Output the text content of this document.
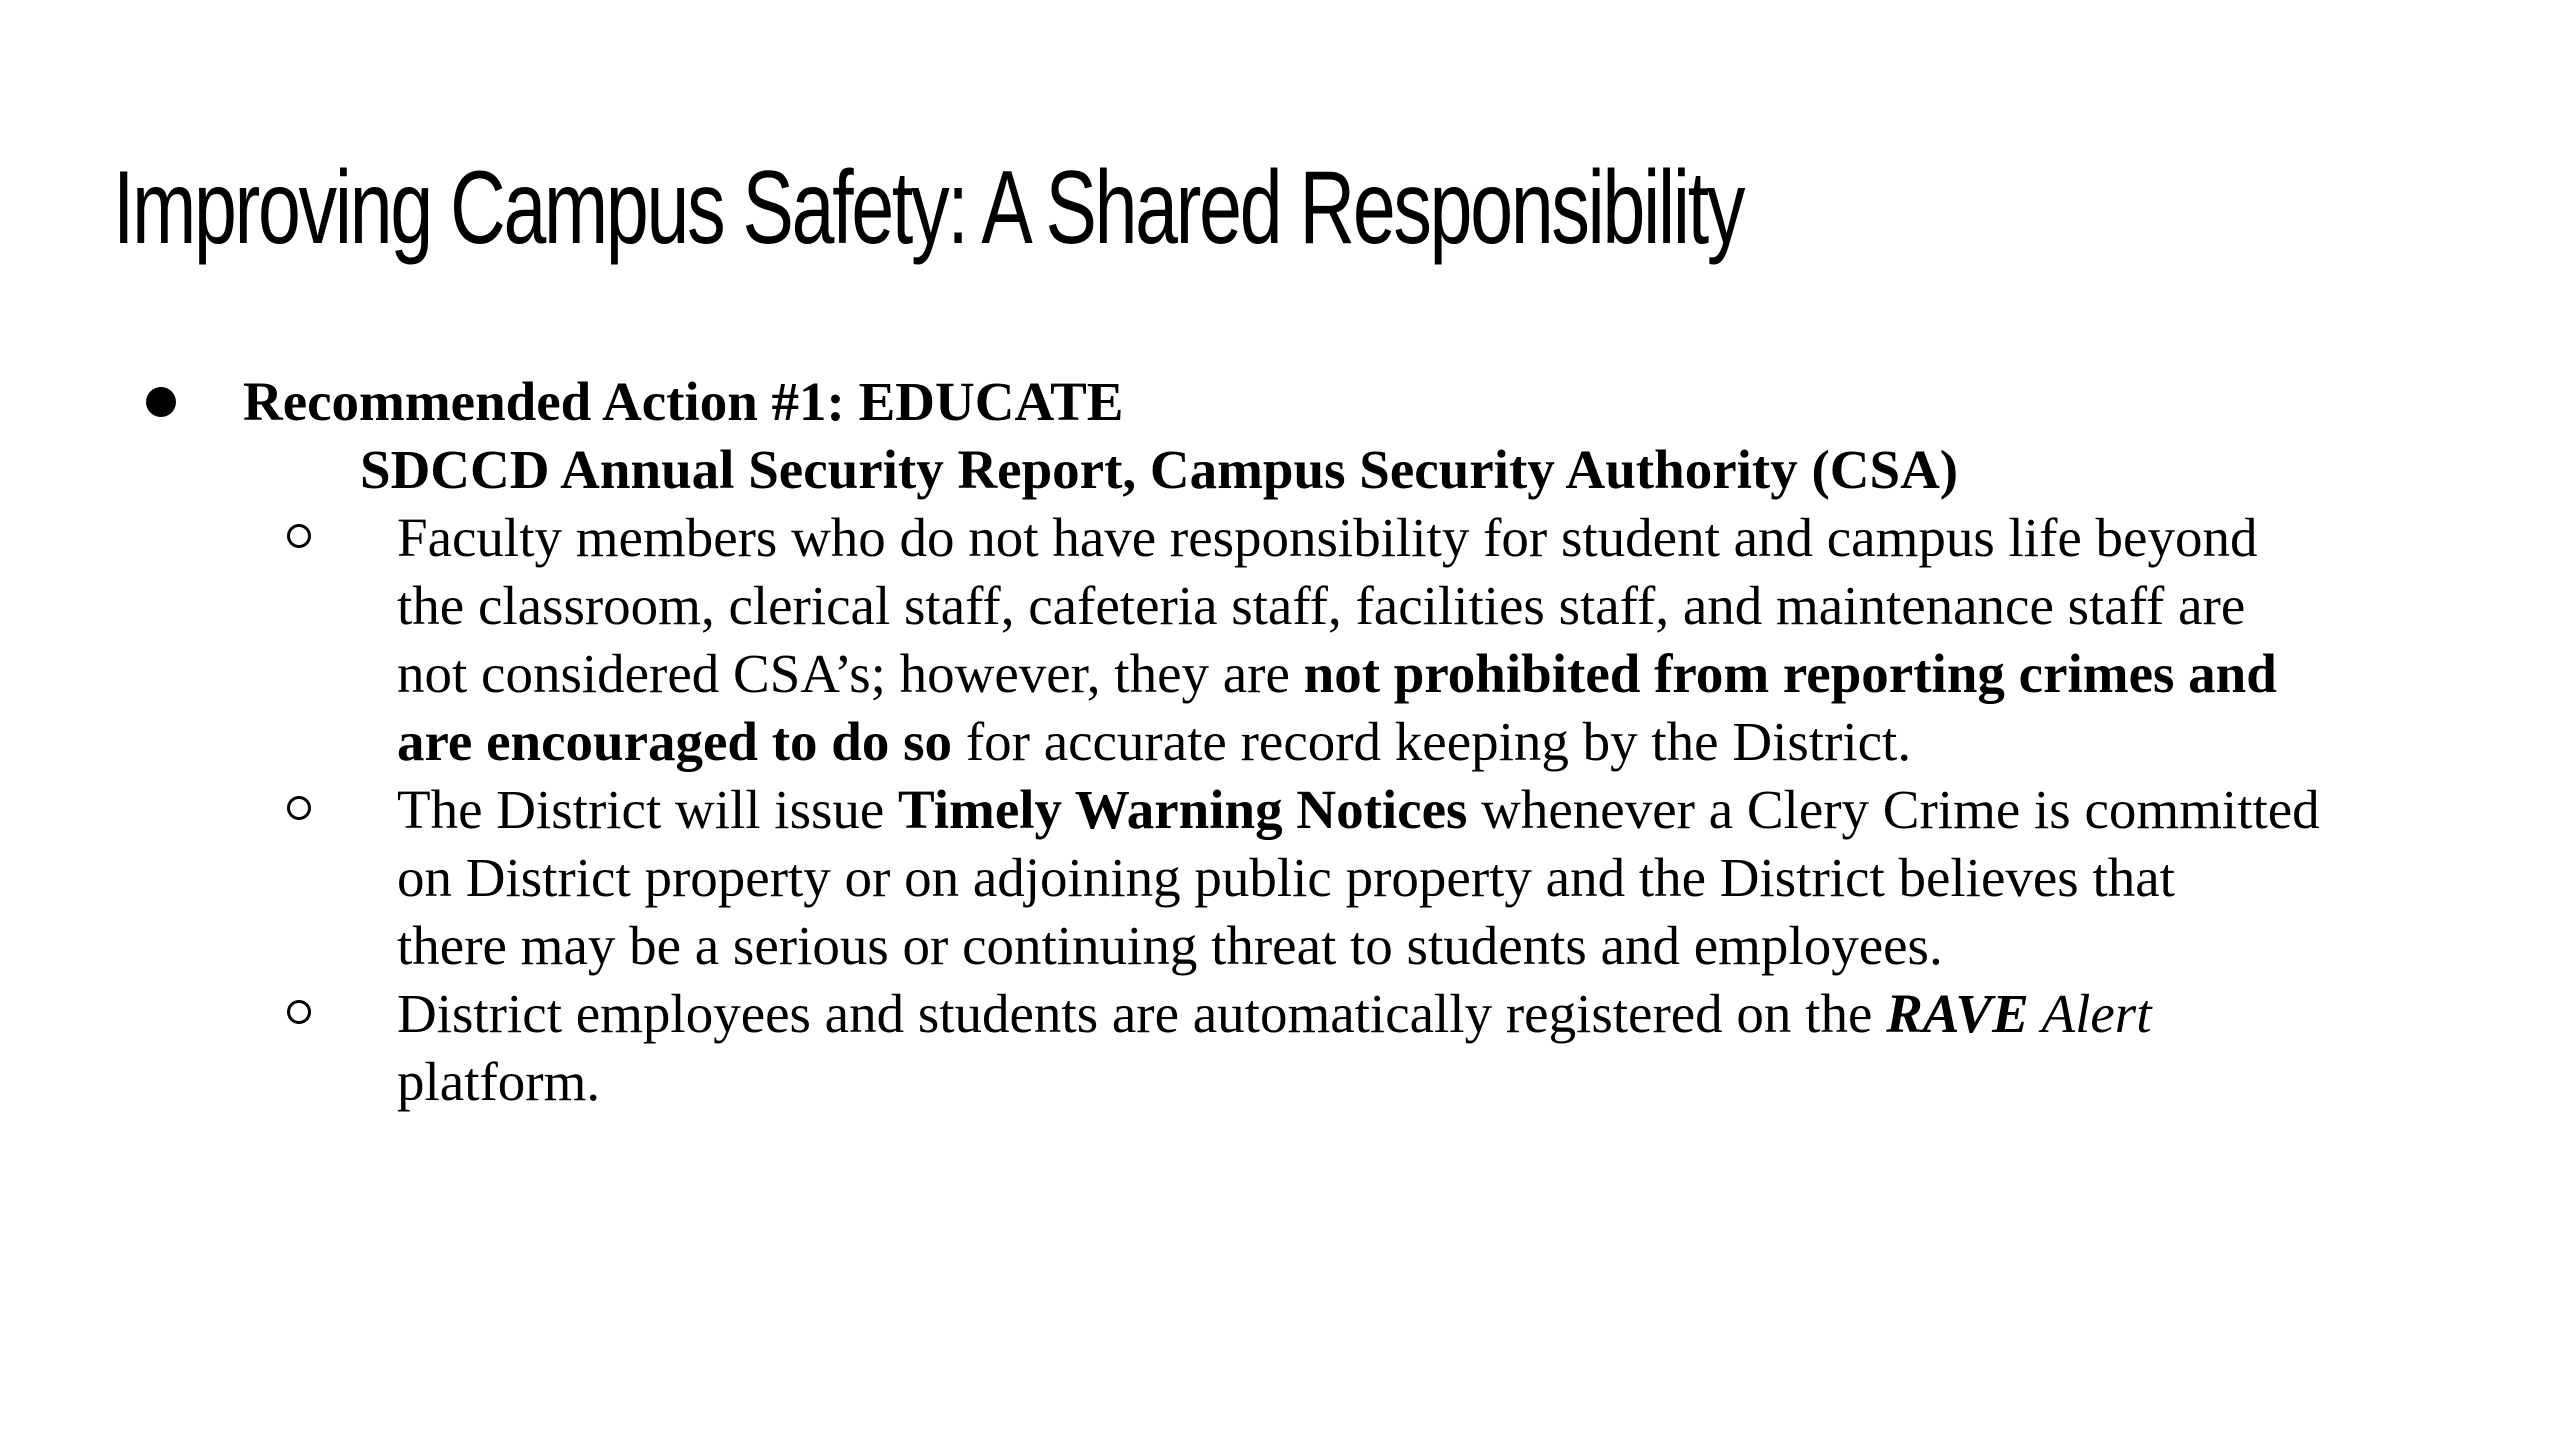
Improving Campus Safety: A Shared Responsibility
Recommended Action #1: EDUCATE
SDCCD Annual Security Report, Campus Security Authority (CSA)
Faculty members who do not have responsibility for student and campus life beyond
the classroom, clerical staff, cafeteria staff, facilities staff, and maintenance staff are
not considered CSA’s; however, they are not prohibited from reporting crimes and
are encouraged to do so for accurate record keeping by the District.
The District will issue Timely Warning Notices whenever a Clery Crime is committed
on District property or on adjoining public property and the District believes that
there may be a serious or continuing threat to students and employees.
District employees and students are automatically registered on the RAVE Alert
platform.
